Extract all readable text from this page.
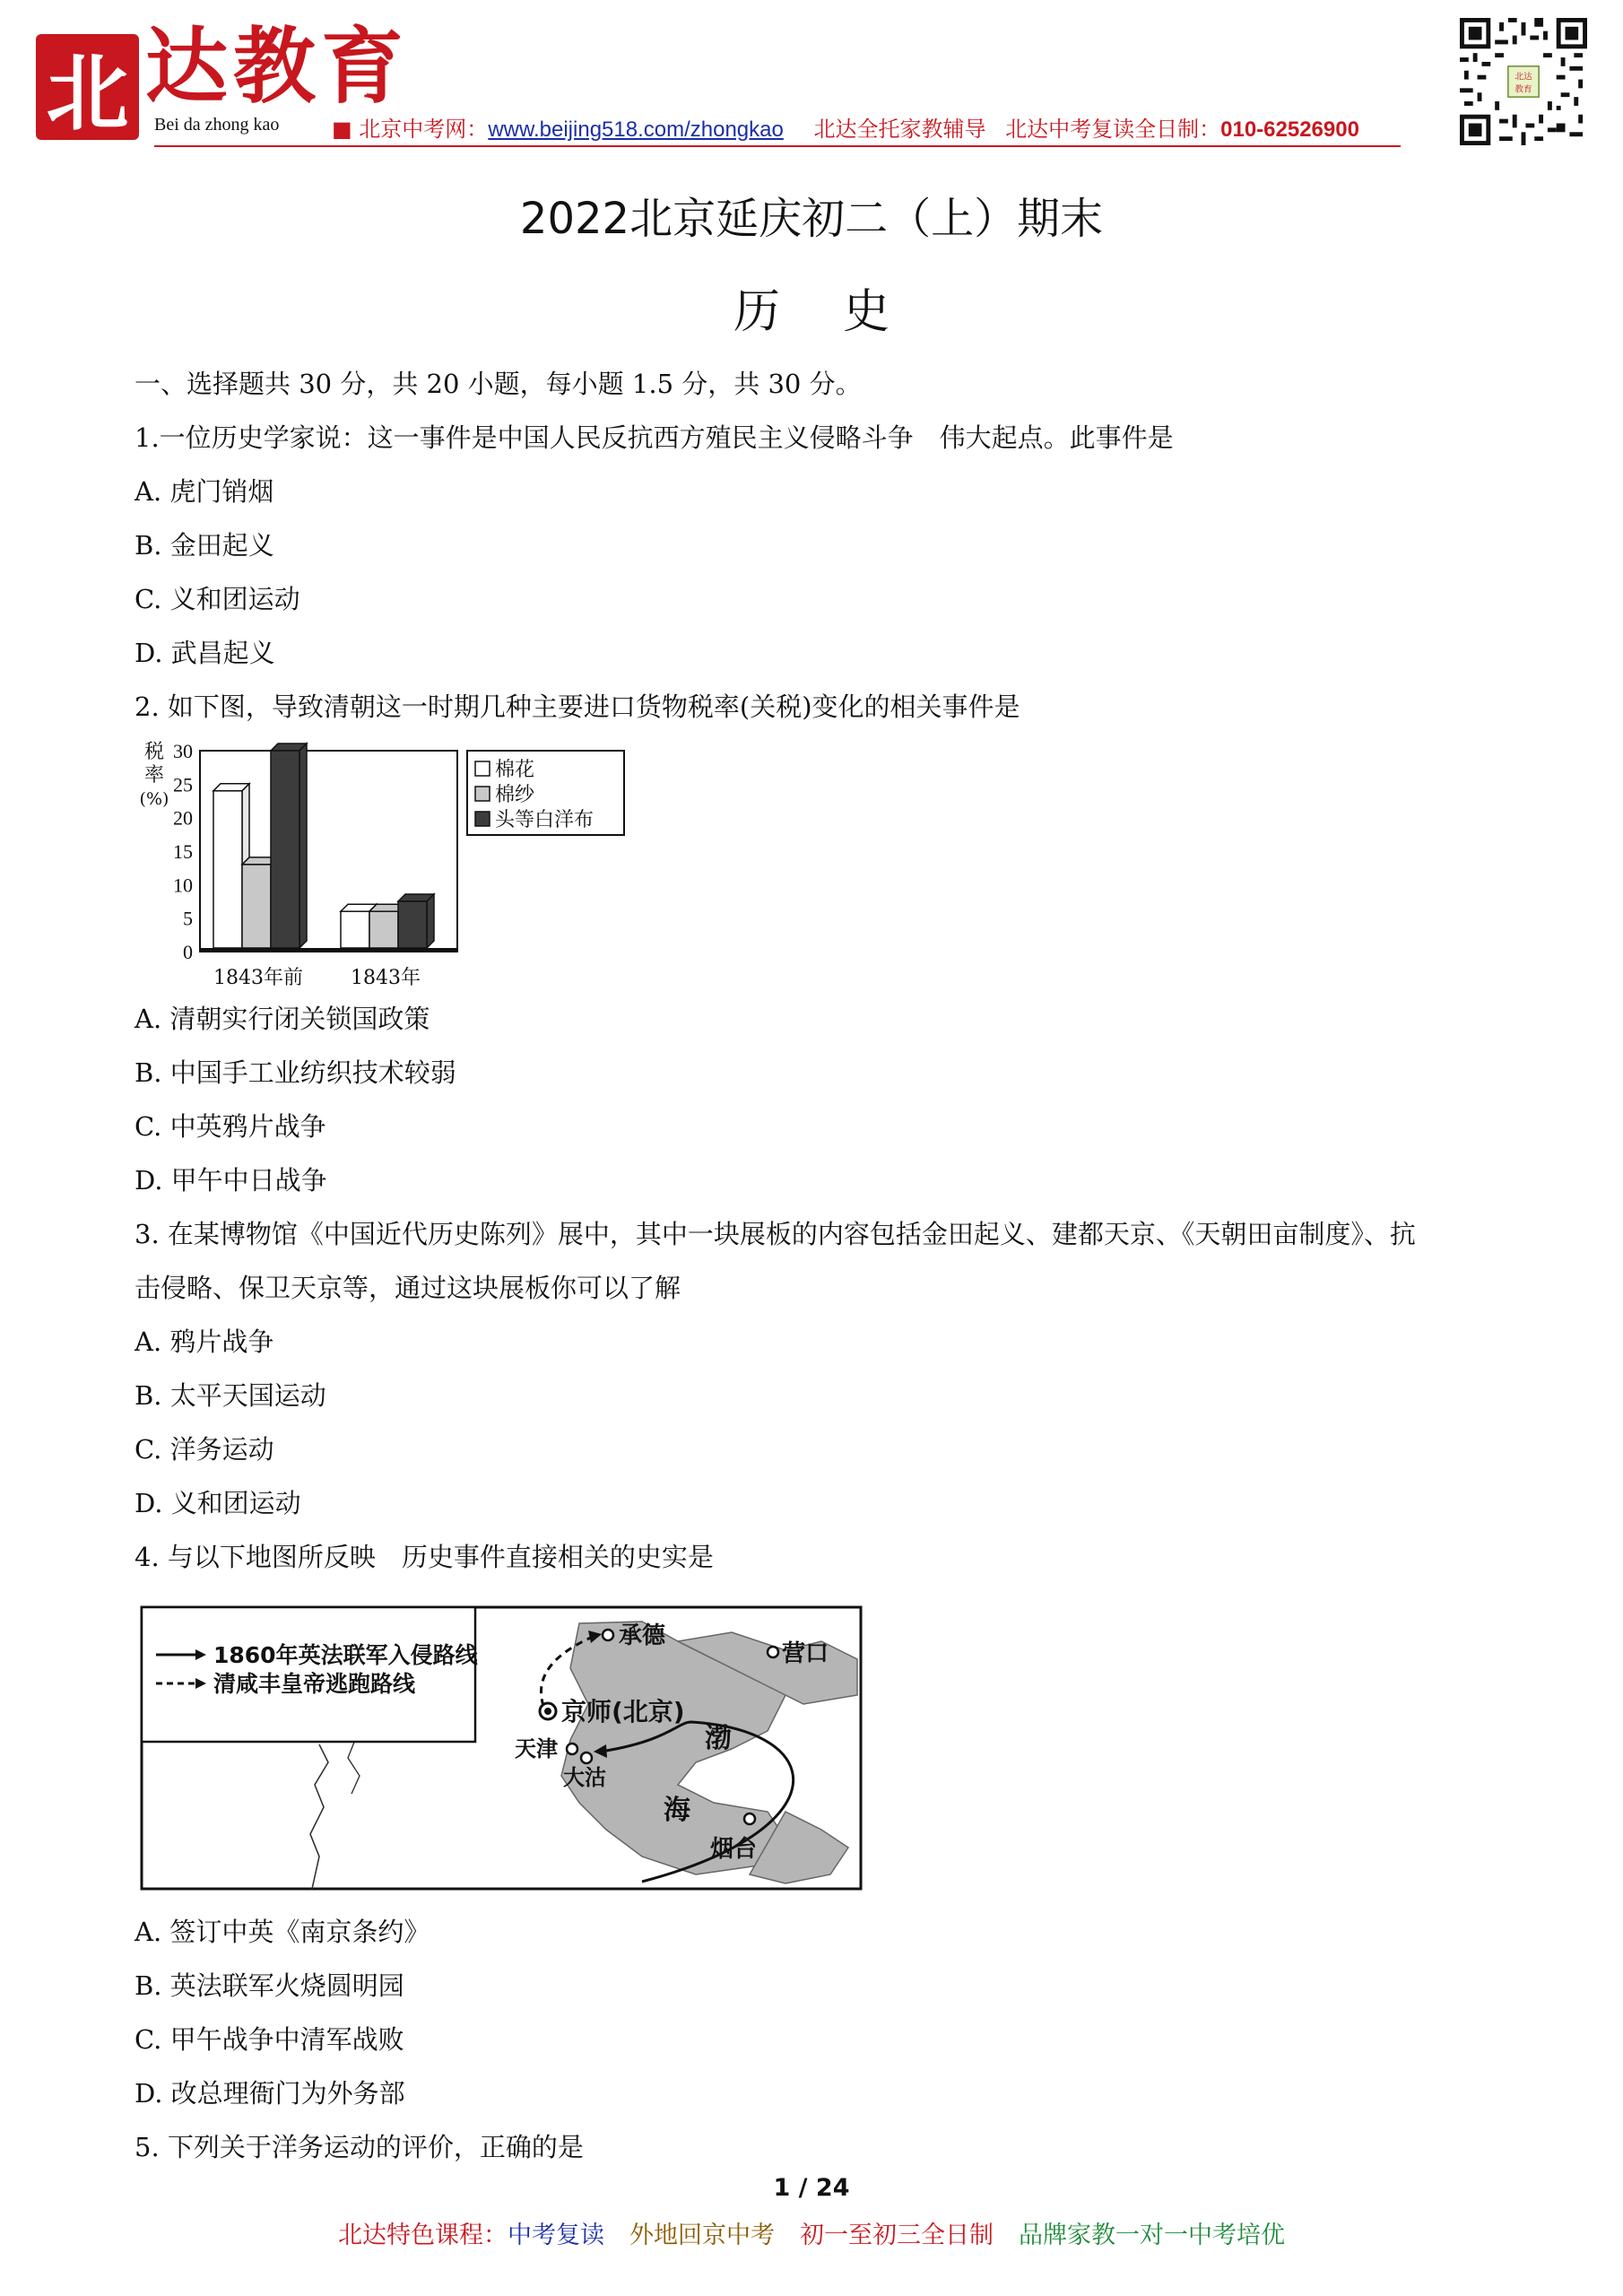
北 达教育
Bei da zhong kao ■ 北京中考网：www.beijing518.com/zhongkao 北达全托家教辅导 北达中考复读全日制：010-62526900
北达
教育
2022北京延庆初二（上）期末
历史
一、选择题共 30 分，共 20 小题，每小题 1.5 分，共 30 分。
1.一位历史学家说：这一事件是中国人民反抗西方殖民主义侵略斗争　伟大起点。此事件是
A. 虎门销烟
B. 金田起义
C. 义和团运动
D. 武昌起义
2. 如下图，导致清朝这一时期几种主要进口货物税率(关税)变化的相关事件是
税
率
(%)
0
5
10
15
20
25
30
1843年前 1843年
棉花
棉纱
头等白洋布
A. 清朝实行闭关锁国政策
B. 中国手工业纺织技术较弱
C. 中英鸦片战争
D. 甲午中日战争
3. 在某博物馆《中国近代历史陈列》展中，其中一块展板的内容包括金田起义、建都天京、《天朝田亩制度》、抗
击侵略、保卫天京等，通过这块展板你可以了解
A. 鸦片战争
B. 太平天国运动
C. 洋务运动
D. 义和团运动
4. 与以下地图所反映　历史事件直接相关的史实是
1860年英法联军入侵路线
清咸丰皇帝逃跑路线
承德
营口
京师(北京)
天津
大沽
渤
海
烟台
A. 签订中英《南京条约》
B. 英法联军火烧圆明园
C. 甲午战争中清军战败
D. 改总理衙门为外务部
5. 下列关于洋务运动的评价，正确的是
1 / 24
北达特色课程：中考复读 外地回京中考 初一至初三全日制 品牌家教一对一中考培优
